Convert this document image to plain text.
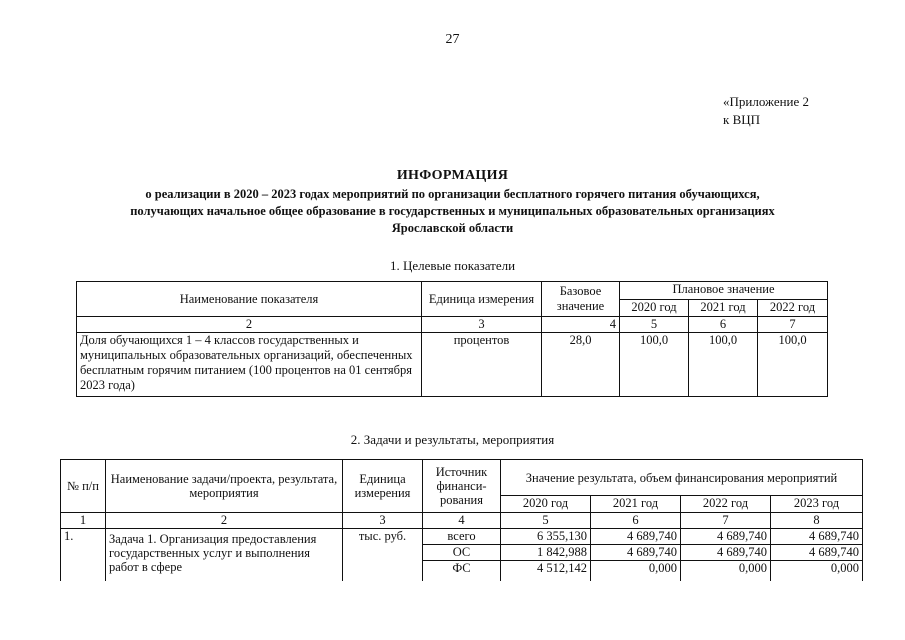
27
«Приложение 2
к ВЦП
ИНФОРМАЦИЯ
о реализации в 2020 – 2023 годах мероприятий по организации бесплатного горячего питания обучающихся,
получающих начальное общее образование в государственных и муниципальных образовательных организациях
Ярославской области
1. Целевые показатели
Наименование показателя	Единица измерения	Базовое значение	Плановое значение		
			2020 год	2021 год	2022 год
2	3	4	5	6	7
Доля обучающихся 1 – 4 классов государственных и муниципальных образовательных организаций, обеспеченных бесплатным горячим питанием (100 процентов на 01 сентября 2023 года)	процентов	28,0	100,0	100,0	100,0
2. Задачи и результаты, мероприятия
№ п/п	Наименование задачи/проекта, результата, мероприятия	Единица измерения	Источник финанси-рования	Значение результата, объем финансирования мероприятий			
				2020 год	2021 год	2022 год	2023 год
1	2	3	4	5	6	7	8
1.	Задача 1. Организация предоставления государственных услуг и выполнения работ в сфере	тыс. руб.	всего	6 355,130	4 689,740	4 689,740	4 689,740
			ОС	1 842,988	4 689,740	4 689,740	4 689,740
			ФС	4 512,142	0,000	0,000	0,000
